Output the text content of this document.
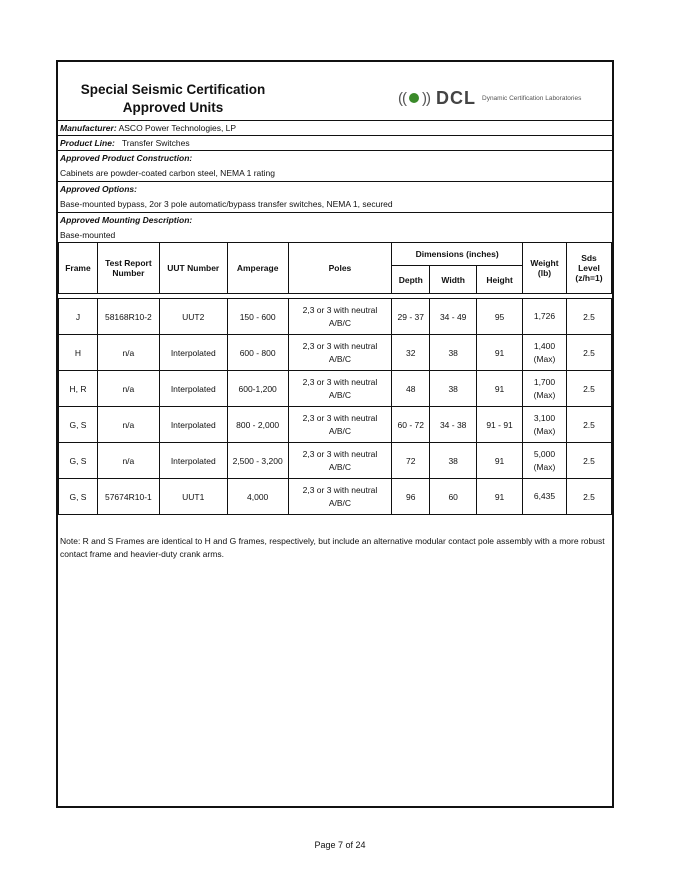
Special Seismic Certification
Approved Units
(( )) DCL Dynamic Certification Laboratories
Manufacturer: ASCO Power Technologies, LP
Product Line: Transfer Switches
Approved Product Construction:
Cabinets are powder-coated carbon steel, NEMA 1 rating
Approved Options:
Base-mounted bypass, 2or 3 pole automatic/bypass transfer switches, NEMA 1, secured
Approved Mounting Description:
Base-mounted
Frame	Test Report Number	UUT Number	Amperage	Poles	Dimensions (inches)			Weight (lb)	Sds Level (z/h=1)
					Depth	Width	Height		

J	58168R10-2	UUT2	150 - 600	2,3 or 3 with neutral A/B/C	29 - 37	34 - 49	95	1,726	2.5
H	n/a	Interpolated	600 - 800	2,3 or 3 with neutral A/B/C	32	38	91	1,400 (Max)	2.5
H, R	n/a	Interpolated	600-1,200	2,3 or 3 with neutral A/B/C	48	38	91	1,700 (Max)	2.5
G, S	n/a	Interpolated	800 - 2,000	2,3 or 3 with neutral A/B/C	60 - 72	34 - 38	91 - 91	3,100 (Max)	2.5
G, S	n/a	Interpolated	2,500 - 3,200	2,3 or 3 with neutral A/B/C	72	38	91	5,000 (Max)	2.5
G, S	57674R10-1	UUT1	4,000	2,3 or 3 with neutral A/B/C	96	60	91	6,435	2.5
Note: R and S Frames are identical to H and G frames, respectively, but include an alternative modular contact pole assembly with a more robust contact frame and heavier-duty crank arms.
Page 7 of 24
